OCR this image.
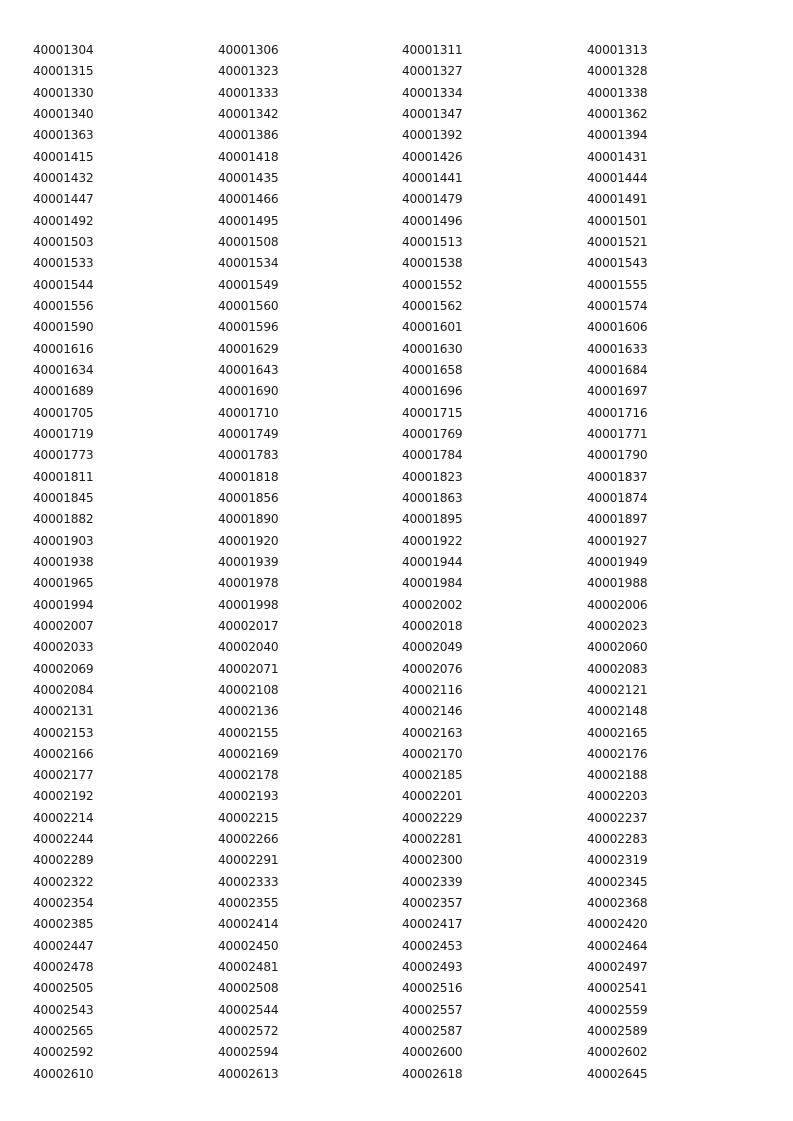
40001304	40001306	40001311	40001313
40001315	40001323	40001327	40001328
40001330	40001333	40001334	40001338
40001340	40001342	40001347	40001362
40001363	40001386	40001392	40001394
40001415	40001418	40001426	40001431
40001432	40001435	40001441	40001444
40001447	40001466	40001479	40001491
40001492	40001495	40001496	40001501
40001503	40001508	40001513	40001521
40001533	40001534	40001538	40001543
40001544	40001549	40001552	40001555
40001556	40001560	40001562	40001574
40001590	40001596	40001601	40001606
40001616	40001629	40001630	40001633
40001634	40001643	40001658	40001684
40001689	40001690	40001696	40001697
40001705	40001710	40001715	40001716
40001719	40001749	40001769	40001771
40001773	40001783	40001784	40001790
40001811	40001818	40001823	40001837
40001845	40001856	40001863	40001874
40001882	40001890	40001895	40001897
40001903	40001920	40001922	40001927
40001938	40001939	40001944	40001949
40001965	40001978	40001984	40001988
40001994	40001998	40002002	40002006
40002007	40002017	40002018	40002023
40002033	40002040	40002049	40002060
40002069	40002071	40002076	40002083
40002084	40002108	40002116	40002121
40002131	40002136	40002146	40002148
40002153	40002155	40002163	40002165
40002166	40002169	40002170	40002176
40002177	40002178	40002185	40002188
40002192	40002193	40002201	40002203
40002214	40002215	40002229	40002237
40002244	40002266	40002281	40002283
40002289	40002291	40002300	40002319
40002322	40002333	40002339	40002345
40002354	40002355	40002357	40002368
40002385	40002414	40002417	40002420
40002447	40002450	40002453	40002464
40002478	40002481	40002493	40002497
40002505	40002508	40002516	40002541
40002543	40002544	40002557	40002559
40002565	40002572	40002587	40002589
40002592	40002594	40002600	40002602
40002610	40002613	40002618	40002645
